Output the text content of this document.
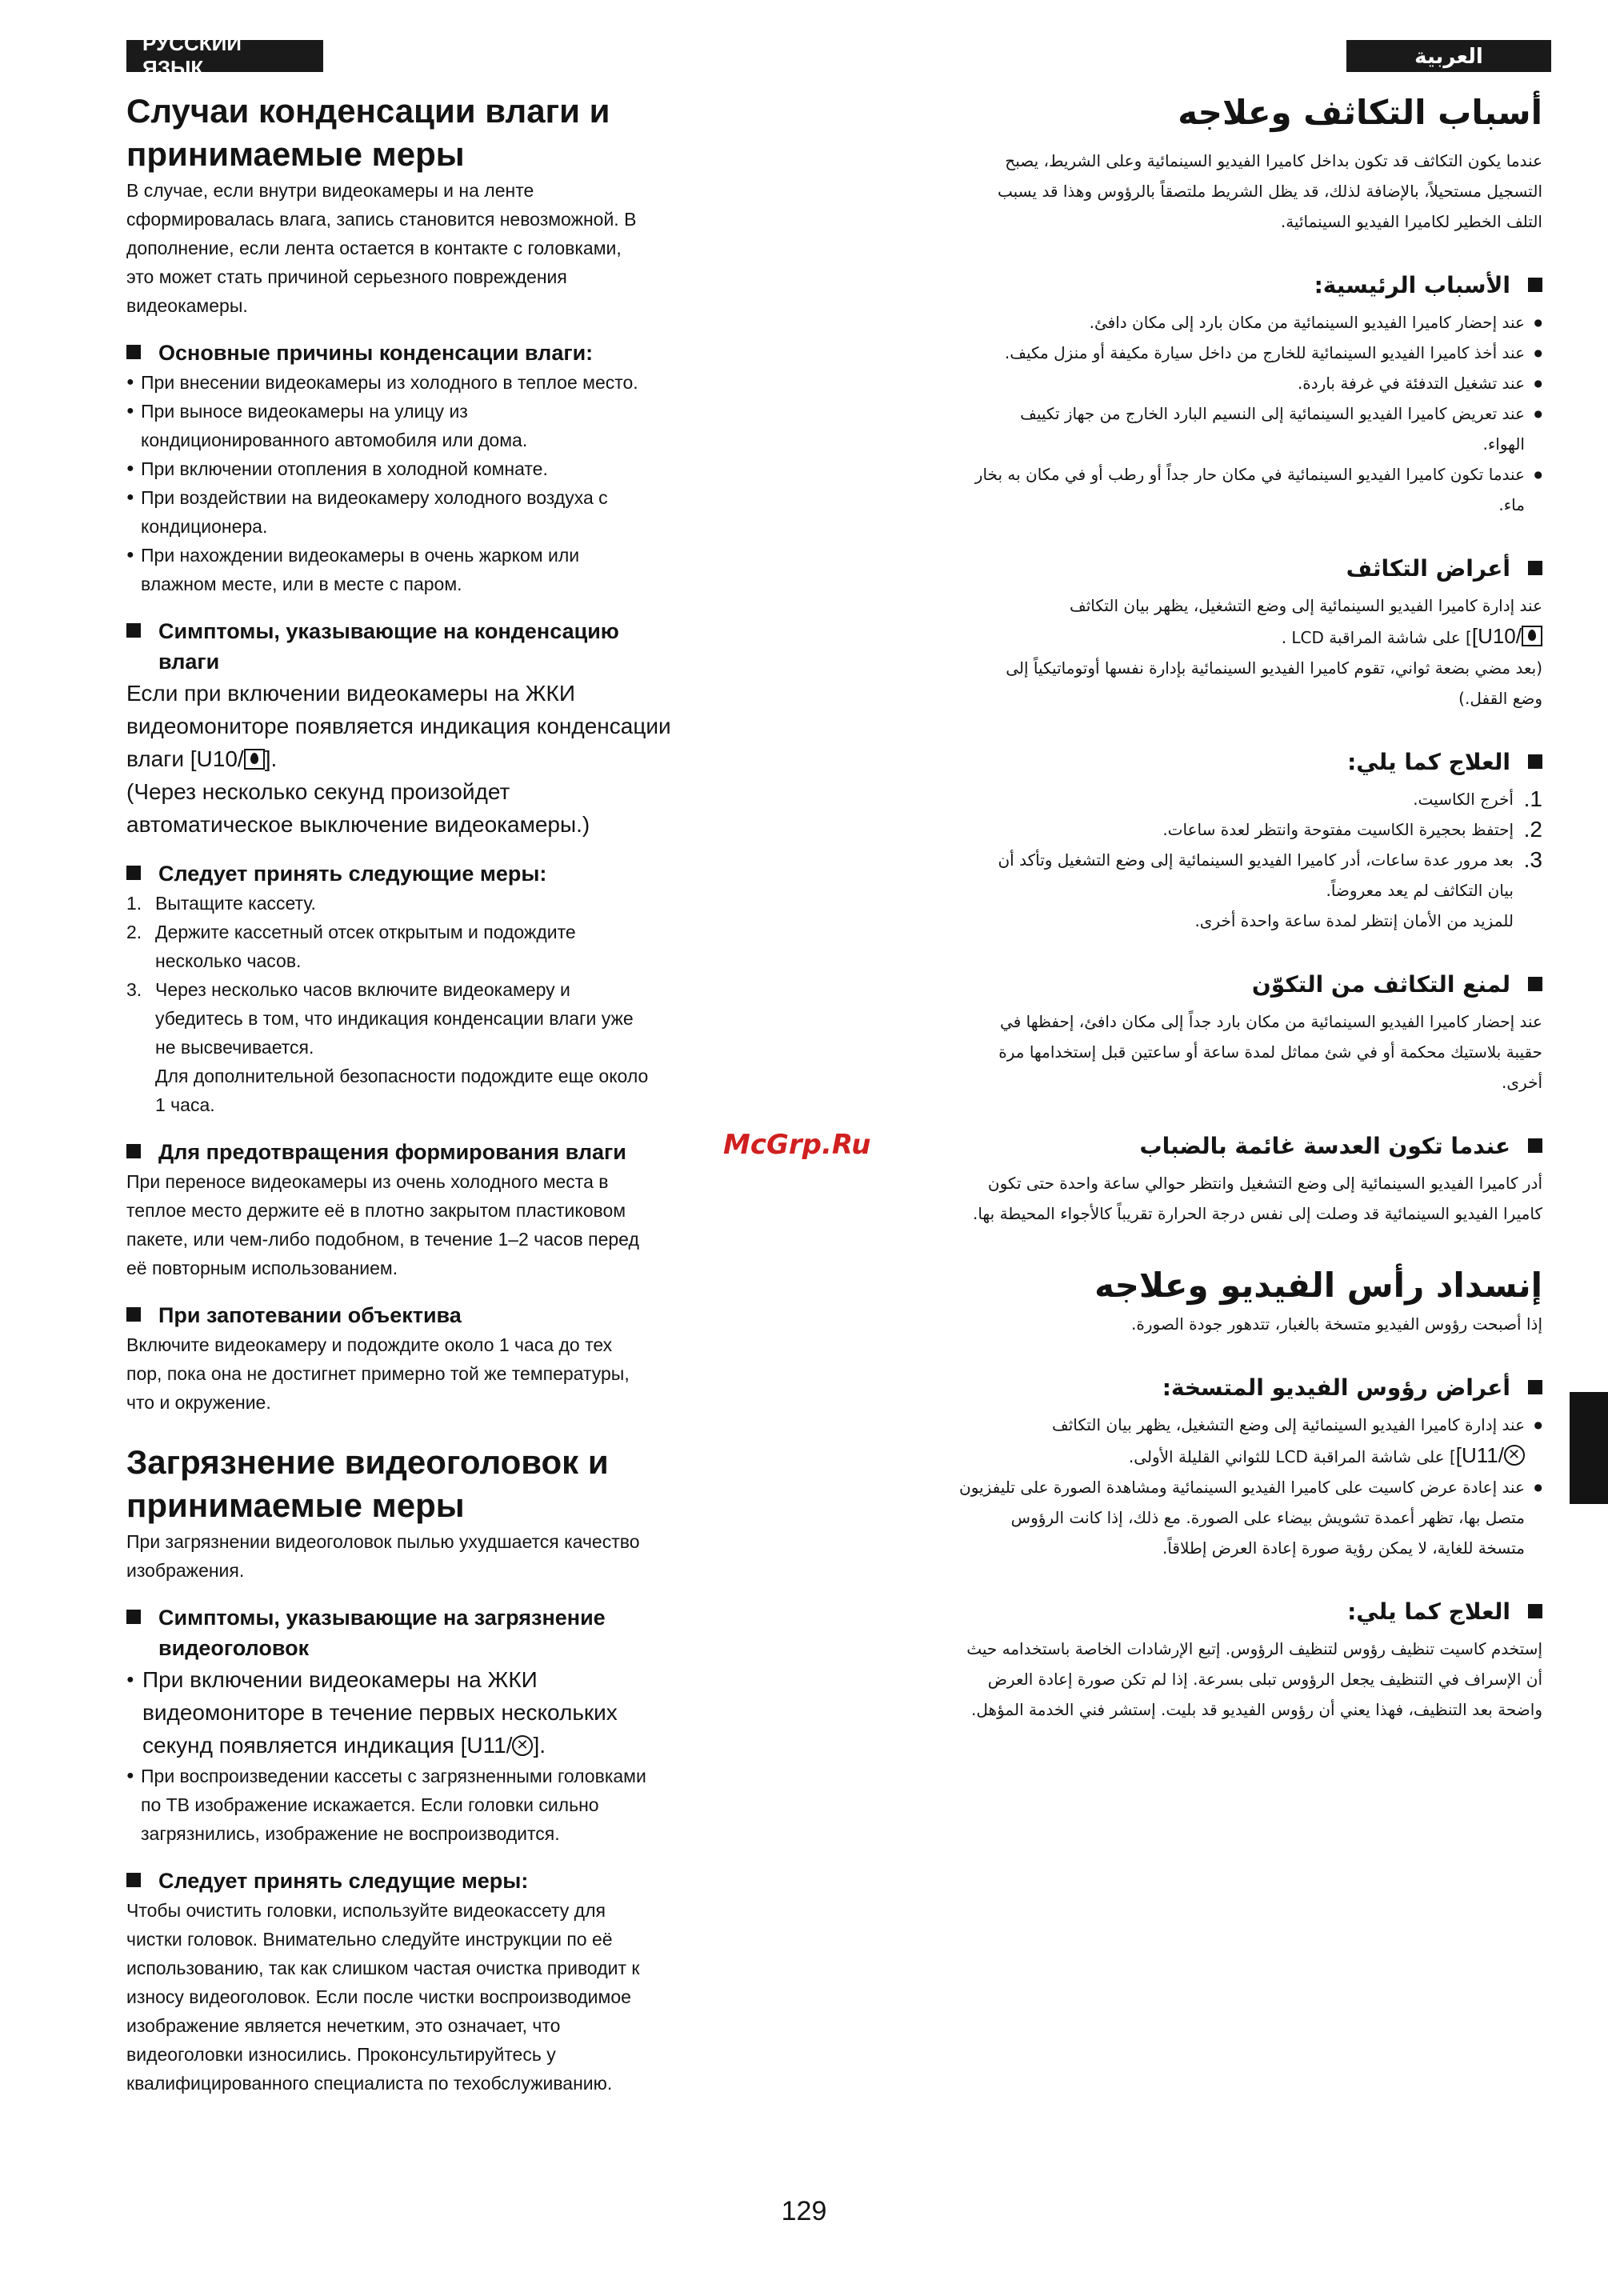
РУССКИЙ ЯЗЫК
العربية
Случаи конденсации влаги и
принимаемые меры

В случае, если внутри видеокамеры и на ленте
сформировалась влага, запись становится невозможной. В
дополнение, если лента остается в контакте с головками,
это может стать причиной серьезного повреждения
видеокамеры.

Основные причины конденсации влаги:
● При внесении видеокамеры из холодного в теплое место.
● При выносе видеокамеры на улицу из
кондиционированного автомобиля или дома.
● При включении отопления в холодной комнате.
● При воздействии на видеокамеру холодного воздуха с
кондиционера.
● При нахождении видеокамеры в очень жарком или
влажном месте, или в месте с паром.
Симптомы, указывающие на конденсацию
влаги

Если при включении видеокамеры на ЖКИ
видеомониторе появляется индикация конденсации
влаги [U10/ ].
(Через несколько секунд произойдет
автоматическое выключение видеокамеры.)

Следует принять следующие меры:
1. Вытащите кассету.
2. Держите кассетный отсек открытым и подождите
несколько часов.
3. Через несколько часов включите видеокамеру и
убедитесь в том, что индикация конденсации влаги уже
не высвечивается.
Для дополнительной безопасности подождите еще около
1 часа.
Для предотвращения формирования влаги

При переносе видеокамеры из очень холодного места в
теплое место держите её в плотно закрытом пластиковом
пакете, или чем-либо подобном, в течение 1–2 часов перед
её повторным использованием.

При запотевании объектива

Включите видеокамеру и подождите около 1 часа до тех
пор, пока она не достигнет примерно той же температуры,
что и окружение.

Загрязнение видеоголовок и
принимаемые меры

При загрязнении видеоголовок пылью ухудшается качество
изображения.

Симптомы, указывающие на загрязнение
видеоголовок
● При включении видеокамеры на ЖКИ
видеомониторе в течение первых нескольких
секунд появляется индикация [U11/✕ ].
● При воспроизведении кассеты с загрязненными головками
по ТВ изображение искажается. Если головки сильно
загрязнились, изображение не воспроизводится.
Следует принять следущие меры:

Чтобы очистить головки, используйте видеокассету для
чистки головок. Внимательно следуйте инструкции по её
использованию, так как слишком частая очистка приводит к
износу видеоголовок. Если после чистки воспроизводимое
изображение является нечетким, это означает, что
видеоголовки износились. Проконсультируйтесь у
квалифицированного специалиста по техобслуживанию.

أسباب التكاثف وعلاجه

عندما يكون التكاثف قد تكون بداخل كاميرا الفيديو السينمائية وعلى الشريط، يصبح
التسجيل مستحيلاً، بالإضافة لذلك، قد يظل الشريط ملتصقاً بالرؤوس وهذا قد يسبب
التلف الخطير لكاميرا الفيديو السينمائية.

الأسباب الرئيسية:
● عند إحضار كاميرا الفيديو السينمائية من مكان بارد إلى مكان دافئ.
● عند أخذ كاميرا الفيديو السينمائية للخارج من داخل سيارة مكيفة أو منزل مكيف.
● عند تشغيل التدفئة في غرفة باردة.
● عند تعريض كاميرا الفيديو السينمائية إلى النسيم البارد الخارج من جهاز تكييف
الهواء.
● عندما تكون كاميرا الفيديو السينمائية في مكان حار جداً أو رطب أو في مكان به بخار
ماء.
أعراض التكاثف

عند إدارة كاميرا الفيديو السينمائية إلى وضع التشغيل، يظهر بيان التكاثف
[U10/] على شاشة المراقبة LCD .
(بعد مضي بضعة ثواني، تقوم كاميرا الفيديو السينمائية بإدارة نفسها أوتوماتيكياً إلى
وضع القفل.)

العلاج كما يلي:
1.
أخرج الكاسيت.
2.
إحتفظ بحجيرة الكاسيت مفتوحة وانتظر لعدة ساعات.
3.
بعد مرور عدة ساعات، أدر كاميرا الفيديو السينمائية إلى وضع التشغيل وتأكد أن
بيان التكاثف لم يعد معروضاً.
للمزيد من الأمان إنتظر لمدة ساعة واحدة أخرى.
لمنع التكاثف من التكوّن

عند إحضار كاميرا الفيديو السينمائية من مكان بارد جداً إلى مكان دافئ، إحفظها في
حقيبة بلاستيك محكمة أو في شئ مماثل لمدة ساعة أو ساعتين قبل إستخدامها مرة
أخرى.

عندما تكون العدسة غائمة بالضباب

أدر كاميرا الفيديو السينمائية إلى وضع التشغيل وانتظر حوالي ساعة واحدة حتى تكون
كاميرا الفيديو السينمائية قد وصلت إلى نفس درجة الحرارة تقريباً كالأجواء المحيطة بها.

إنسداد رأس الفيديو وعلاجه

إذا أصبحت رؤوس الفيديو متسخة بالغبار، تتدهور جودة الصورة.

أعراض رؤوس الفيديو المتسخة:
● عند إدارة كاميرا الفيديو السينمائية إلى وضع التشغيل، يظهر بيان التكاثف
[U11/✕] على شاشة المراقبة LCD للثواني القليلة الأولى.
● عند إعادة عرض كاسيت على كاميرا الفيديو السينمائية ومشاهدة الصورة على تليفزيون
متصل بها، تظهر أعمدة تشويش بيضاء على الصورة. مع ذلك، إذا كانت الرؤوس
متسخة للغاية، لا يمكن رؤية صورة إعادة العرض إطلاقاً.
العلاج كما يلي:

إستخدم كاسيت تنظيف رؤوس لتنظيف الرؤوس. إتبع الإرشادات الخاصة باستخدامه حيث
أن الإسراف في التنظيف يجعل الرؤوس تبلى بسرعة. إذا لم تكن صورة إعادة العرض
واضحة بعد التنظيف، فهذا يعني أن رؤوس الفيديو قد بليت. إستشر فني الخدمة المؤهل.

McGrp.Ru
129
